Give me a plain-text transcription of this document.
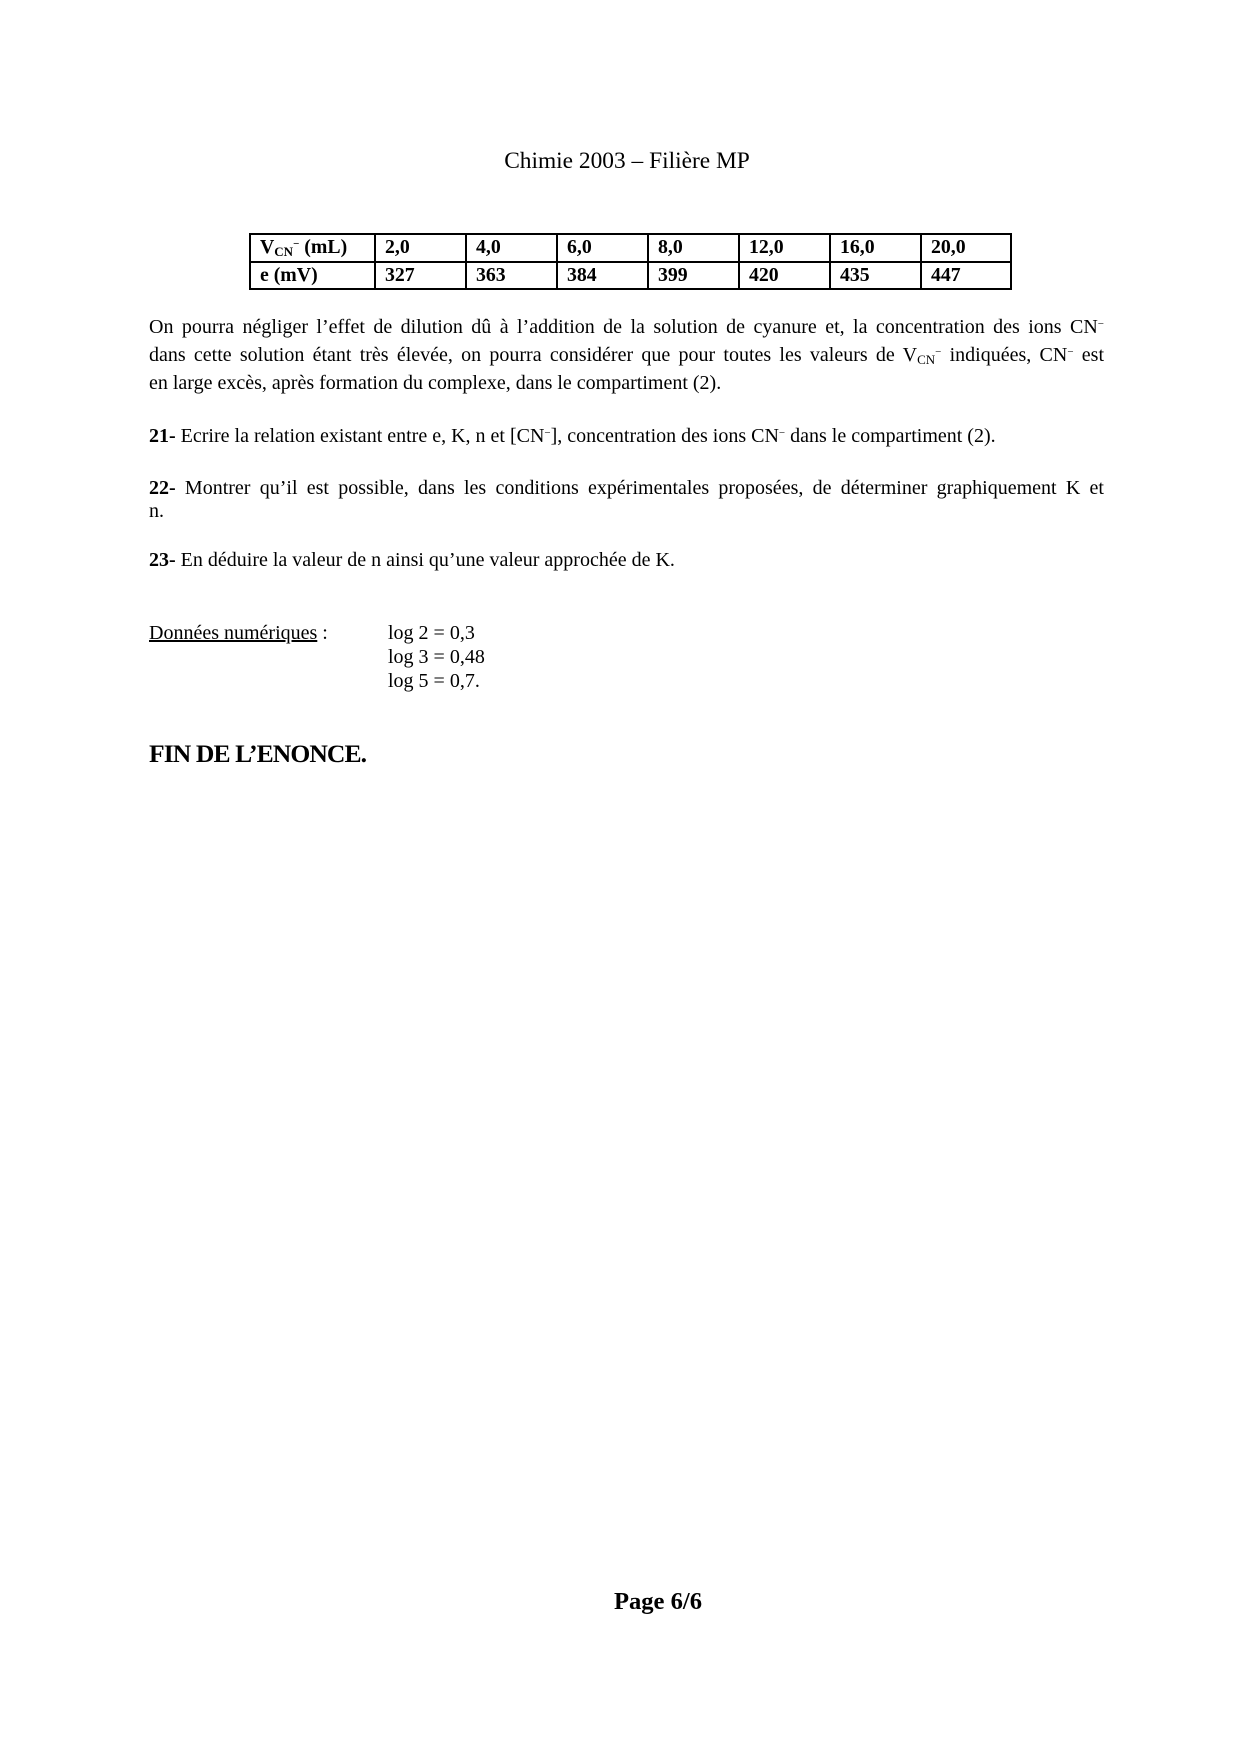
Chimie 2003 – Filière MP
$V_{CN}^-$ (mL)	2,0	4,0	6,0	8,0	12,0	16,0	20,0
e (mV)	327	363	384	399	420	435	447
On pourra négliger l’effet de dilution dû à l’addition de la solution de cyanure et, la concentration des ions CN−
dans cette solution étant très élevée, on pourra considérer que pour toutes les valeurs de $V_{CN}^-$ indiquées, CN− est
en large excès, après formation du complexe, dans le compartiment (2).
21- Ecrire la relation existant entre e, K, n et [CN−], concentration des ions CN− dans le compartiment (2).
22- Montrer qu’il est possible, dans les conditions expérimentales proposées, de déterminer graphiquement K et
n.
23- En déduire la valeur de n ainsi qu’une valeur approchée de K.
Données numériques :	log 2 = 0,3
log 3 = 0,48
log 5 = 0,7.
FIN DE L’ENONCE.
Page 6/6
